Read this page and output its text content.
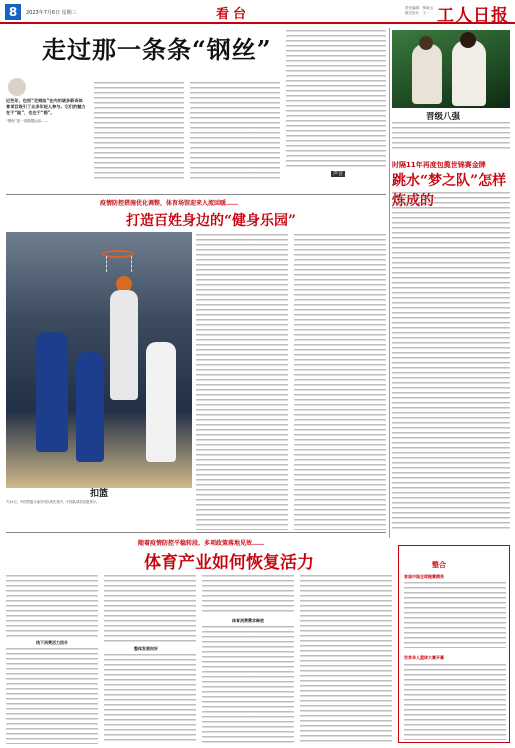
8	2023年7月6日 星期三	看台	责任编辑：钟新山
版式设计：王一 工人日报
走过那一条条“钢丝”
近些年，包括“走钢丝”在内的诸多新奇体育项目吸引了众多年轻人参与。它们的魅力在于“险”，也在于“稳”。
“钢丝”是一项极限运动……
声音
晋级八强
时隔11年再度包揽世锦赛金牌
跳水“梦之队”怎样炼成的
疫情防控措施优化调整，体育场馆迎来人流回暖……
打造百姓身边的“健身乐园”
扣篮
7月4日，中国男篮与南苏丹队的比赛中，中国队球员扣篮得分。
随着疫情防控平稳转段、多项政策落地见效……
体育产业如何恢复活力
线下消费活力回升
整体发展向好
体育消费需求释放
整合
首届中国全球跑赛精英
世界华人篮球大赛开幕
